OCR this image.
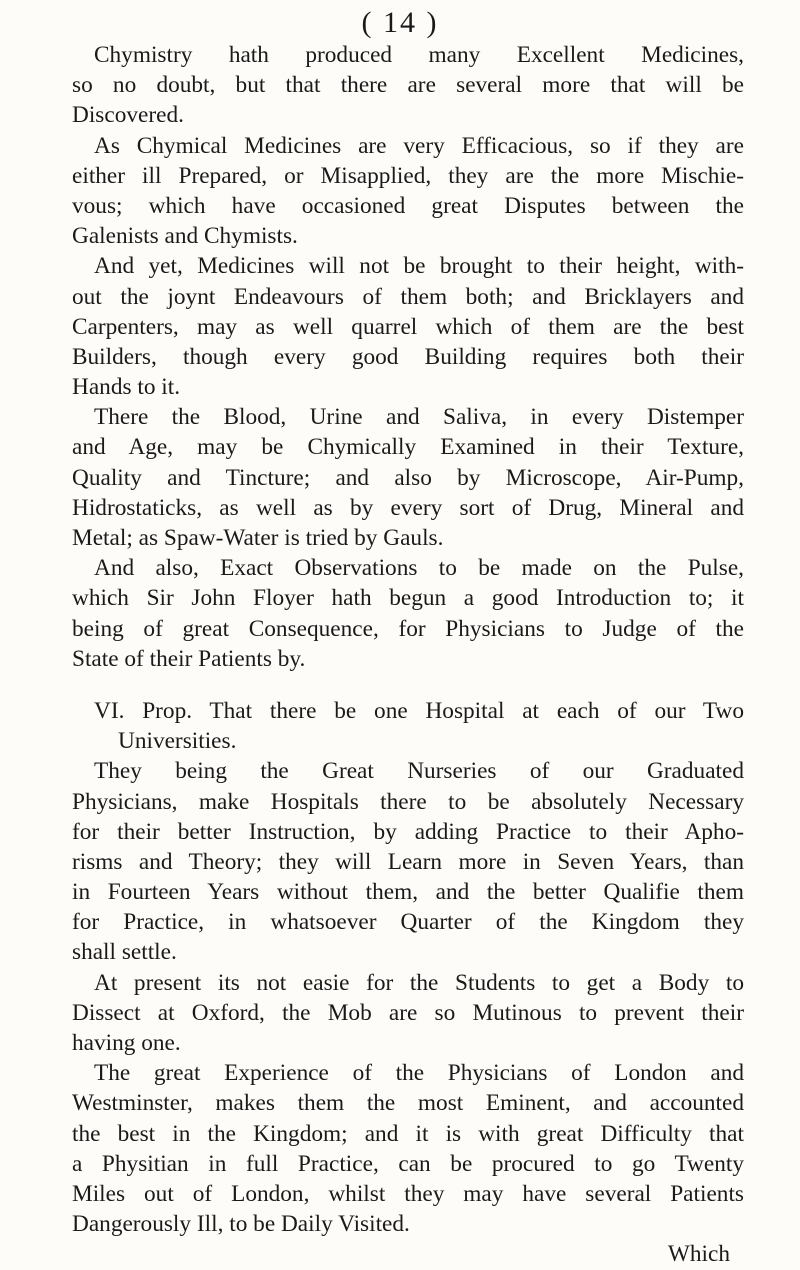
( 14 )
Chymistry hath produced many Excellent Medicines,
so no doubt, but that there are several more that will be
Discovered.
As Chymical Medicines are very Efficacious, so if they are
either ill Prepared, or Misapplied, they are the more Mischie-
vous; which have occasioned great Disputes between the
Galenists and Chymists.
And yet, Medicines will not be brought to their height, with-
out the joynt Endeavours of them both; and Bricklayers and
Carpenters, may as well quarrel which of them are the best
Builders, though every good Building requires both their
Hands to it.
There the Blood, Urine and Saliva, in every Distemper
and Age, may be Chymically Examined in their Texture,
Quality and Tincture; and also by Microscope, Air-Pump,
Hidrostaticks, as well as by every sort of Drug, Mineral and
Metal; as Spaw-Water is tried by Gauls.
And also, Exact Observations to be made on the Pulse,
which Sir John Floyer hath begun a good Introduction to; it
being of great Consequence, for Physicians to Judge of the
State of their Patients by.
VI. Prop. That there be one Hospital at each of our Two
Universities.
They being the Great Nurseries of our Graduated
Physicians, make Hospitals there to be absolutely Necessary
for their better Instruction, by adding Practice to their Apho-
risms and Theory; they will Learn more in Seven Years, than
in Fourteen Years without them, and the better Qualifie them
for Practice, in whatsoever Quarter of the Kingdom they
shall settle.
At present its not easie for the Students to get a Body to
Dissect at Oxford, the Mob are so Mutinous to prevent their
having one.
The great Experience of the Physicians of London and
Westminster, makes them the most Eminent, and accounted
the best in the Kingdom; and it is with great Difficulty that
a Physitian in full Practice, can be procured to go Twenty
Miles out of London, whilst they may have several Patients
Dangerously Ill, to be Daily Visited.
Which
